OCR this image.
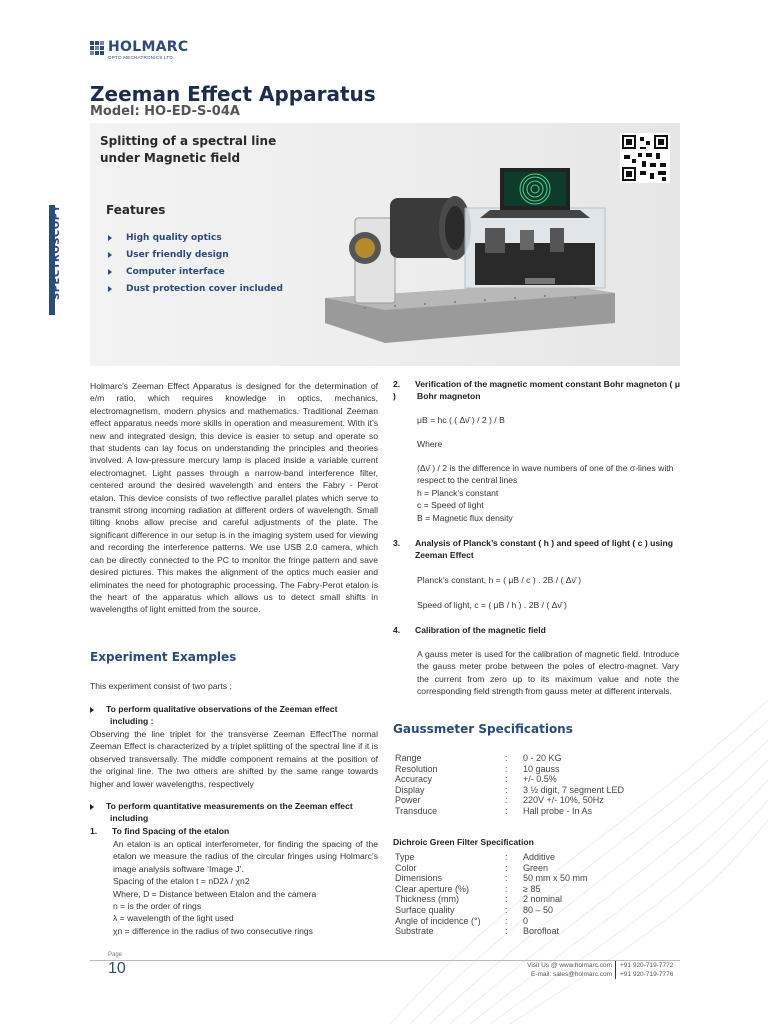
SPECTROSCOPY
HOLMARC
OPTO MECHATRONICS LTD.
Zeeman Effect Apparatus
Model: HO-ED-S-04A
Splitting of a spectral line
under Magnetic field
Features
High quality optics
User friendly design
Computer interface
Dust protection cover included
Holmarc’s Zeeman Effect Apparatus is designed for the determination of e/m ratio, which requires knowledge in optics, mechanics, electromagnetism, modern physics and mathematics. Traditional Zeeman effect apparatus needs more skills in operation and measurement. With it’s new and integrated design, this device is easier to setup and operate so that students can lay focus on understanding the principles and theories involved. A low-pressure mercury lamp is placed inside a variable current electromagnet. Light passes through a narrow-band interference filter, centered around the desired wavelength and enters the Fabry - Perot etalon. This device consists of two reflective parallel plates which serve to transmit strong incoming radiation at different orders of wavelength. Small tilting knobs allow precise and careful adjustments of the plate. The significant difference in our setup is in the imaging system used for viewing and recording the interference patterns. We use USB 2.0 camera, which can be directly connected to the PC to monitor the fringe pattern and save desired pictures. This makes the alignment of the optics much easier and eliminates the need for photographic processing. The Fabry-Perot etalon is the heart of the apparatus which allows us to detect small shifts in wavelengths of light emitted from the source.
Experiment Examples
This experiment consist of two parts :
To perform qualitative observations of the Zeeman effect including :
Observing the line triplet for the transverse Zeeman EffectThe normal Zeeman Effect is characterized by a triplet splitting of the spectral line if it is observed transversally. The middle component remains at the position of the original line. The two others are shifted by the same range towards higher and lower wavelengths, respectively
To perform quantitative measurements on the Zeeman effect including
1. To find Spacing of the etalon
An etalon is an optical interferometer, for finding the spacing of the etalon we measure the radius of the circular fringes using Holmarc’s image analysis software ‘Image J’.
Spacing of the etalon t = nD2λ / χn2
Where, D = Distance between Etalon and the camera
n = is the order of rings
λ = wavelength of the light used
χn = difference in the radius of two consecutive rings
2. Verification of the magnetic moment constant Bohr magneton ( μ )	Bohr magneton
μB = hc ( ( Δν̄ ) / 2 ) / B
Where
(Δν̄ ) / 2 is the difference in wave numbers of one of the σ-lines with respect to the central lines
h = Planck’s constant
c = Speed of light
B = Magnetic flux density
3. Analysis of Planck’s constant ( h ) and speed of light ( c ) using Zeeman Effect
Planck’s constant, h = ( μB / c ) . 2B / ( Δν̄ )
Speed of light, c = ( μB / h ) . 2B / ( Δν̄ )
4. Calibration of the magnetic field
A gauss meter is used for the calibration of magnetic field. Introduce the gauss meter probe between the poles of electro-magnet. Vary the current from zero up to its maximum value and note the corresponding field strength from gauss meter at different intervals.
Gaussmeter Specifications
Range	:	0 - 20 KG
Resolution	:	10 gauss
Accuracy	:	+/- 0.5%
Display	:	3 ½ digit, 7 segment LED
Power	:	220V +/- 10%, 50Hz
Transduce	:	Hall probe - In As
Dichroic Green Filter Specification
Type	:	Additive
Color	:	Green
Dimensions	:	50 mm x 50 mm
Clear aperture (%)	:	≥ 85
Thickness (mm)	:	2 nominal
Surface quality	:	80 – 50
Angle of incidence (°)	:	0
Substrate	:	Borofloat
Page
10	Visit Us @ www.holmarc.com
E-mail: sales@holmarc.com
+91 920-719-7772
+91 920-719-7776
